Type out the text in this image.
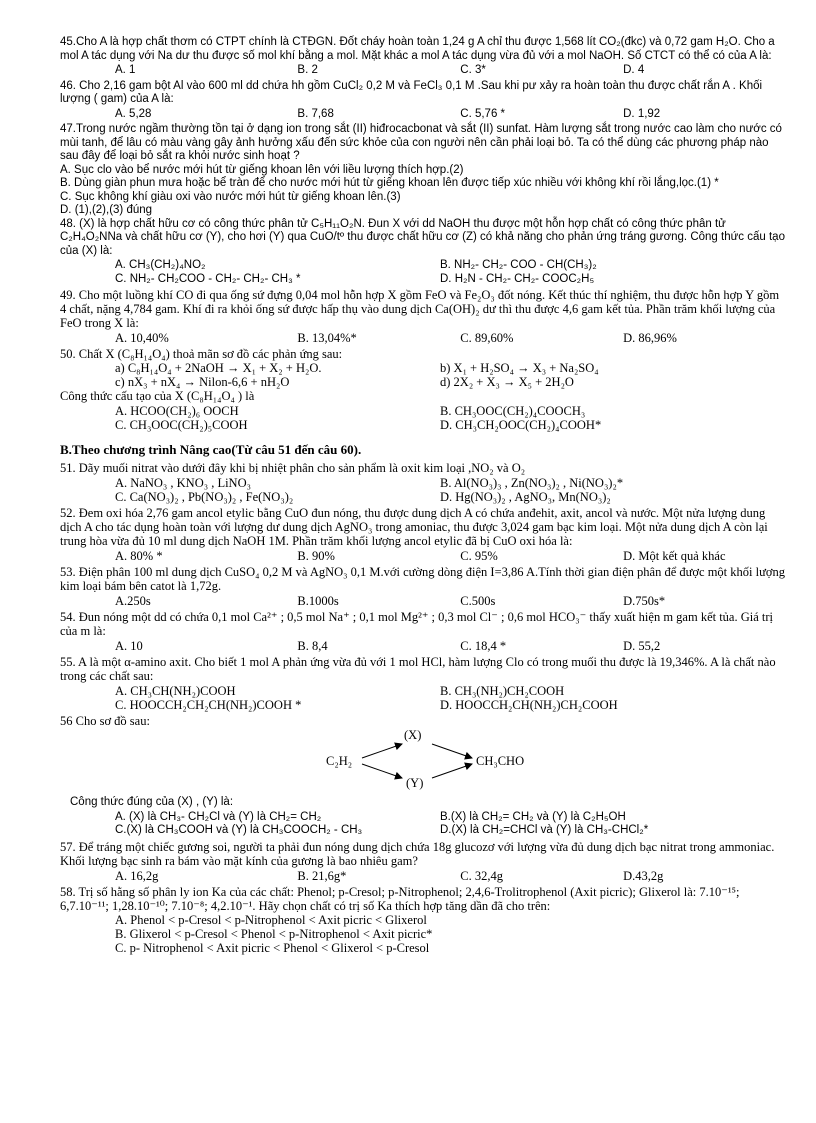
45.Cho A là hợp chất thơm có CTPT chính là CTĐGN. Đốt cháy hoàn toàn 1,24 g A chỉ thu được 1,568 lít CO₂(đkc) và 0,72 gam H₂O. Cho a mol A tác dụng với Na dư thu được số mol khí bằng a mol. Mặt khác a mol A tác dụng vừa đủ với a mol NaOH. Số CTCT có thể có của A là:

A. 1	B. 2	C. 3*	D. 4

46. Cho 2,16 gam bột Al vào 600 ml dd chứa hh gồm CuCl₂ 0,2 M và FeCl₃ 0,1 M .Sau khi pư xảy ra hoàn toàn thu được chất rắn A . Khối lượng ( gam) của A là:

A. 5,28	B. 7,68	C. 5,76 *	D. 1,92

47.Trong nước ngầm thường tồn tại ở dạng ion trong sắt (II) hiđrocacbonat và sắt (II) sunfat. Hàm lượng sắt trong nước cao làm cho nước có mùi tanh, để lâu có màu vàng gây ảnh hưởng xấu đến sức khỏe của con người nên cần phải loại bỏ. Ta có thể dùng các phương pháp nào sau đây để loại bỏ sắt ra khỏi nước sinh hoạt ?

A. Sục clo vào bể nước mới hút từ giếng khoan lên với liều lượng thích hợp.(2)
B. Dùng giàn phun mưa hoặc bể tràn để cho nước mới hút từ giếng khoan lên được tiếp xúc nhiều với không khí rồi lắng,lọc.(1) *
C. Sục không khí giàu oxi vào nước mới hút từ giếng khoan lên.(3)
D. (1),(2),(3) đúng

48. (X) là hợp chất hữu cơ có công thức phân tử C₅H₁₁O₂N. Đun X với dd NaOH thu được một hỗn hợp chất có công thức phân tử C₂H₄O₂NNa và chất hữu cơ (Y), cho hơi (Y) qua CuO/tº thu được chất hữu cơ (Z) có khả năng cho phản ứng tráng gương. Công thức cấu tạo của (X) là:

A. CH₃(CH₂)₄NO₂	B. NH₂- CH₂- COO - CH(CH₃)₂
C. NH₂- CH₂COO - CH₂- CH₂- CH₃ *	D. H₂N - CH₂- CH₂- COOC₂H₅

49. Cho một luồng khí CO đi qua ống sứ đựng 0,04 mol hỗn hợp X gồm FeO và Fe₂O₃ đốt nóng. Kết thúc thí nghiệm, thu được hỗn hợp Y gồm 4 chất, nặng 4,784 gam. Khí đi ra khỏi ống sứ được hấp thụ vào dung dịch Ca(OH)₂ dư thì thu được 4,6 gam kết tủa. Phần trăm khối lượng của FeO trong X là:

A. 10,40%	B. 13,04%*	C. 89,60%	D. 86,96%

50. Chất X (C₈H₁₄O₄) thoả mãn sơ đồ các phản ứng sau:

a) C₈H₁₄O₄ + 2NaOH → X₁ + X₂ + H₂O.	b) X₁ + H₂SO₄ → X₃ + Na₂SO₄
c) nX₃ + nX₄ → Nilon-6,6 + nH₂O	d) 2X₂ + X₃ → X₅ + 2H₂O

Công thức cấu tạo của X (C₈H₁₄O₄ ) là

A. HCOO(CH₂)₆ OOCH	B. CH₃OOC(CH₂)₄COOCH₃
C. CH₃OOC(CH₂)₅COOH	D. CH₃CH₂OOC(CH₂)₄COOH*
B.Theo chương trình Nâng cao(Từ câu 51 đến câu 60).

51. Dãy muối nitrat vào dưới đây khi bị nhiệt phân cho sản phẩm là oxit kim loại ,NO₂ và O₂

A. NaNO₃ , KNO₃ , LiNO₃	B. Al(NO₃)₃ , Zn(NO₃)₂ , Ni(NO₃)₂*
C. Ca(NO₃)₂ , Pb(NO₃)₂ , Fe(NO₃)₂	D. Hg(NO₃)₂ , AgNO₃, Mn(NO₃)₂

52. Đem oxi hóa 2,76 gam ancol etylic bằng CuO đun nóng, thu được dung dịch A có chứa anđehit, axit, ancol và nước. Một nửa lượng dung dịch A cho tác dụng hoàn toàn với lượng dư dung dịch AgNO₃ trong amoniac, thu được 3,024 gam bạc kim loại. Một nửa dung dịch A còn lại trung hòa vừa đủ 10 ml dung dịch NaOH 1M. Phần trăm khối lượng ancol etylic đã bị CuO oxi hóa là:

A. 80% *	B. 90%	C. 95%	D. Một kết quả khác

53. Điện phân 100 ml dung dịch CuSO₄ 0,2 M và AgNO₃ 0,1 M.với cường dòng điện I=3,86 A.Tính thời gian điện phân để được một khối lượng kim loại bám bên catot là 1,72g.

A.250s	B.1000s	C.500s	D.750s*

54. Đun nóng một dd có chứa 0,1 mol Ca²⁺ ; 0,5 mol Na⁺ ; 0,1 mol Mg²⁺ ; 0,3 mol Cl⁻ ; 0,6 mol HCO₃⁻ thấy xuất hiện m gam kết tủa. Giá trị của m là:

A. 10	B. 8,4	C. 18,4 *	D. 55,2

55. A là một α-amino axit. Cho biết 1 mol A phản ứng vừa đủ với 1 mol HCl, hàm lượng Clo có trong muối thu được là 19,346%. A là chất nào trong các chất sau:

A. CH₃CH(NH₂)COOH	B. CH₃(NH₂)CH₂COOH
C. HOOCCH₂CH₂CH(NH₂)COOH *	D. HOOCCH₂CH(NH₂)CH₂COOH

56 Cho sơ đồ sau:

C₂H₂	CH₃CHO
(X)
(Y)

Công thức đúng của (X) , (Y) là:

A. (X) là CH₃- CH₂Cl và (Y) là CH₂= CH₂	B.(X) là CH₂= CH₂ và (Y) là C₂H₅OH
C.(X) là CH₃COOH và (Y) là CH₃COOCH₂ - CH₃	D.(X) là CH₂=CHCl và (Y) là CH₃-CHCl₂*

57. Để tráng một chiếc gương soi, người ta phải đun nóng dung dịch chứa 18g glucozơ với lượng vừa đủ dung dịch bạc nitrat trong ammoniac. Khối lượng bạc sinh ra bám vào mặt kính của gương là bao nhiêu gam?

A. 16,2g	B. 21,6g*	C. 32,4g	D.43,2g

58. Trị số hằng số phân ly ion Ka của các chất: Phenol; p-Cresol; p-Nitrophenol; 2,4,6-Trolitrophenol (Axit picric); Glixerol là: 7.10⁻¹⁵; 6,7.10⁻¹¹; 1,28.10⁻¹⁰; 7.10⁻⁸; 4,2.10⁻¹. Hãy chọn chất có trị số Ka thích hợp tăng dần đã cho trên:

A. Phenol < p-Cresol < p-Nitrophenol < Axit picric < Glixerol
B. Glixerol < p-Cresol < Phenol < p-Nitrophenol < Axit picric*
C. p- Nitrophenol < Axit picric < Phenol < Glixerol < p-Cresol
